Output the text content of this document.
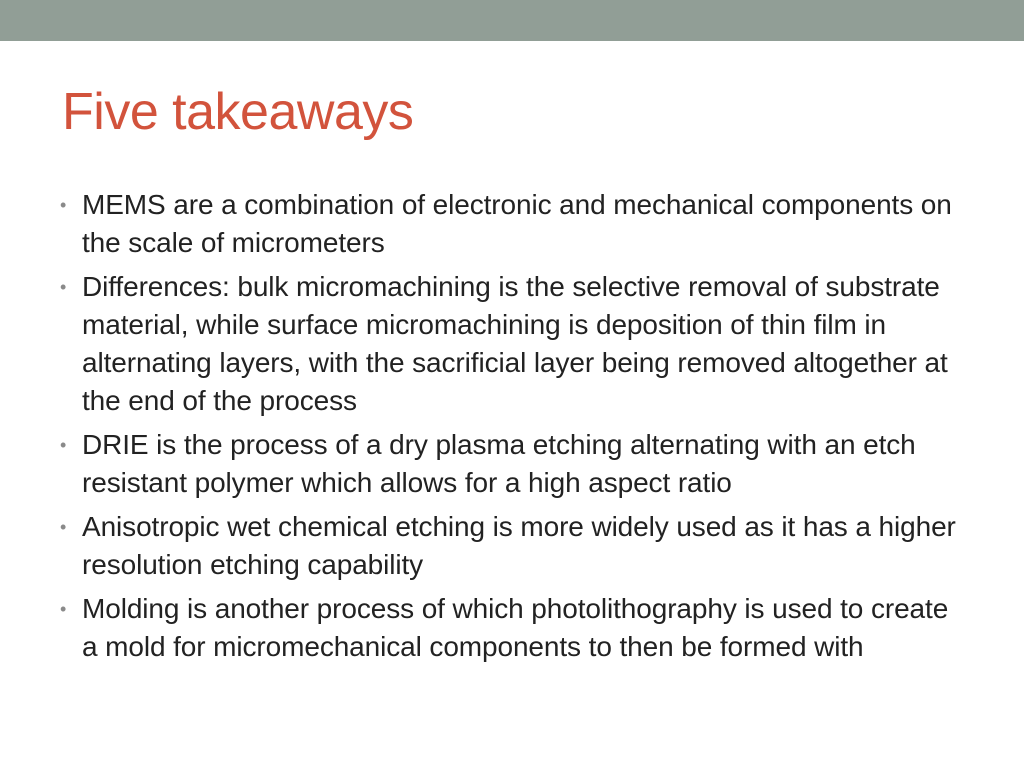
Five takeaways
• MEMS are a combination of electronic and mechanical components on the scale of micrometers
• Differences: bulk micromachining is the selective removal of substrate material, while surface micromachining is deposition of thin film in alternating layers, with the sacrificial layer being removed altogether at the end of the process
• DRIE is the process of a dry plasma etching alternating with an etch resistant polymer which allows for a high aspect ratio
• Anisotropic wet chemical etching is more widely used as it has a higher resolution etching capability
• Molding is another process of which photolithography is used to create a mold for micromechanical components to then be formed with
